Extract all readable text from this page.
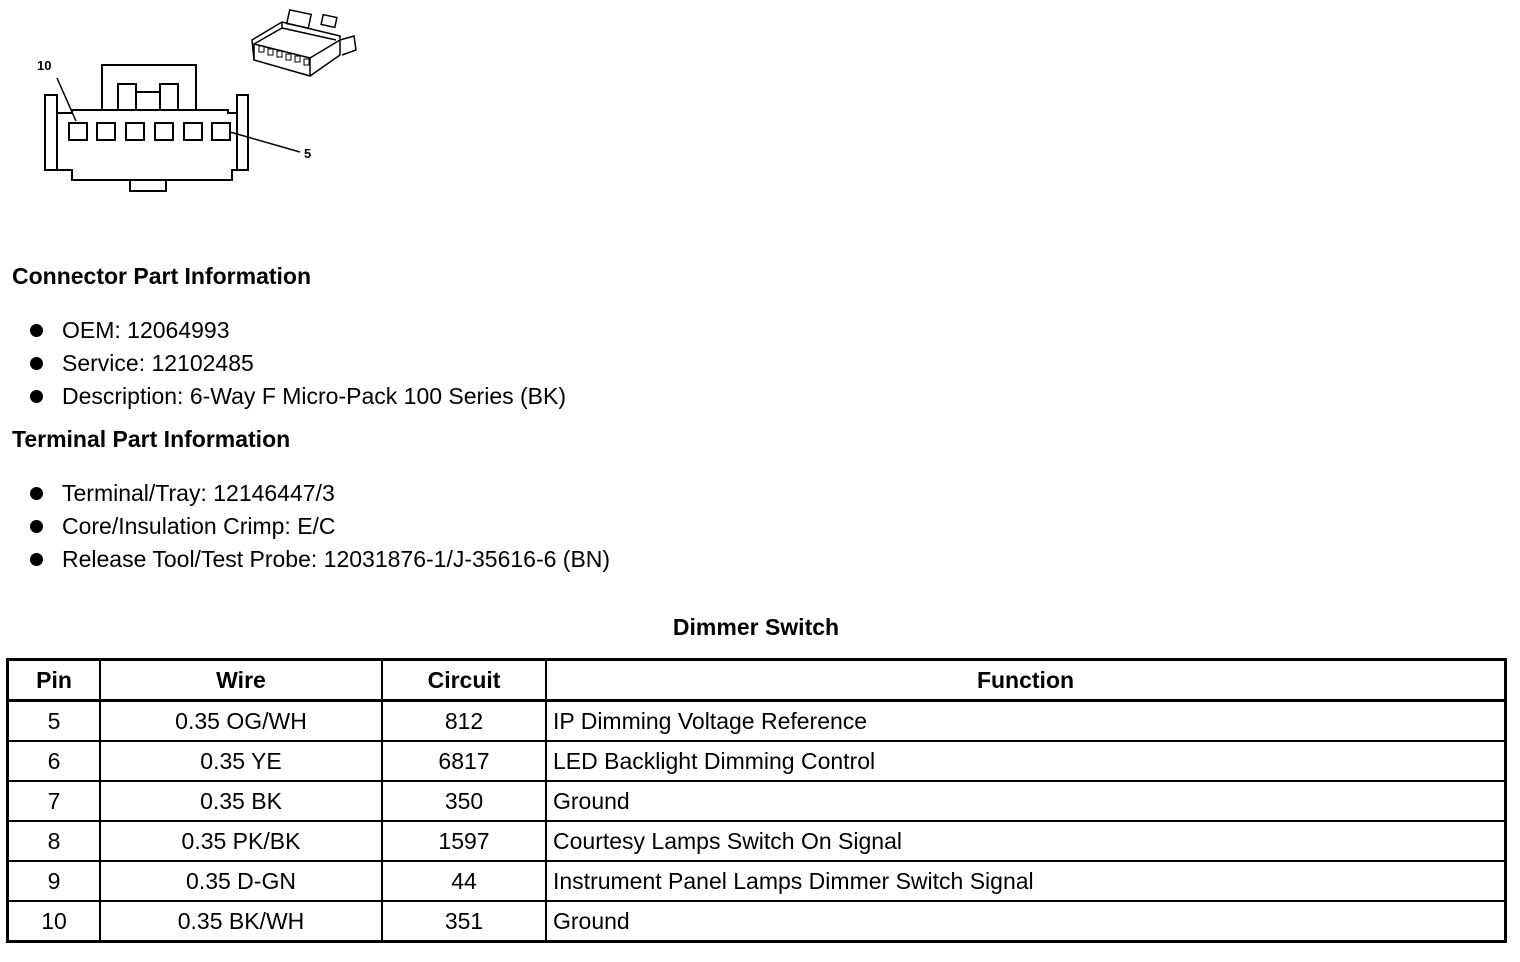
10
5
Connector Part Information
OEM: 12064993
Service: 12102485
Description: 6-Way F Micro-Pack 100 Series (BK)
Terminal Part Information
Terminal/Tray: 12146447/3
Core/Insulation Crimp: E/C
Release Tool/Test Probe: 12031876-1/J-35616-6 (BN)
Dimmer Switch
Pin	Wire	Circuit	Function
5	0.35 OG/WH	812	IP Dimming Voltage Reference
6	0.35 YE	6817	LED Backlight Dimming Control
7	0.35 BK	350	Ground
8	0.35 PK/BK	1597	Courtesy Lamps Switch On Signal
9	0.35 D-GN	44	Instrument Panel Lamps Dimmer Switch Signal
10	0.35 BK/WH	351	Ground
